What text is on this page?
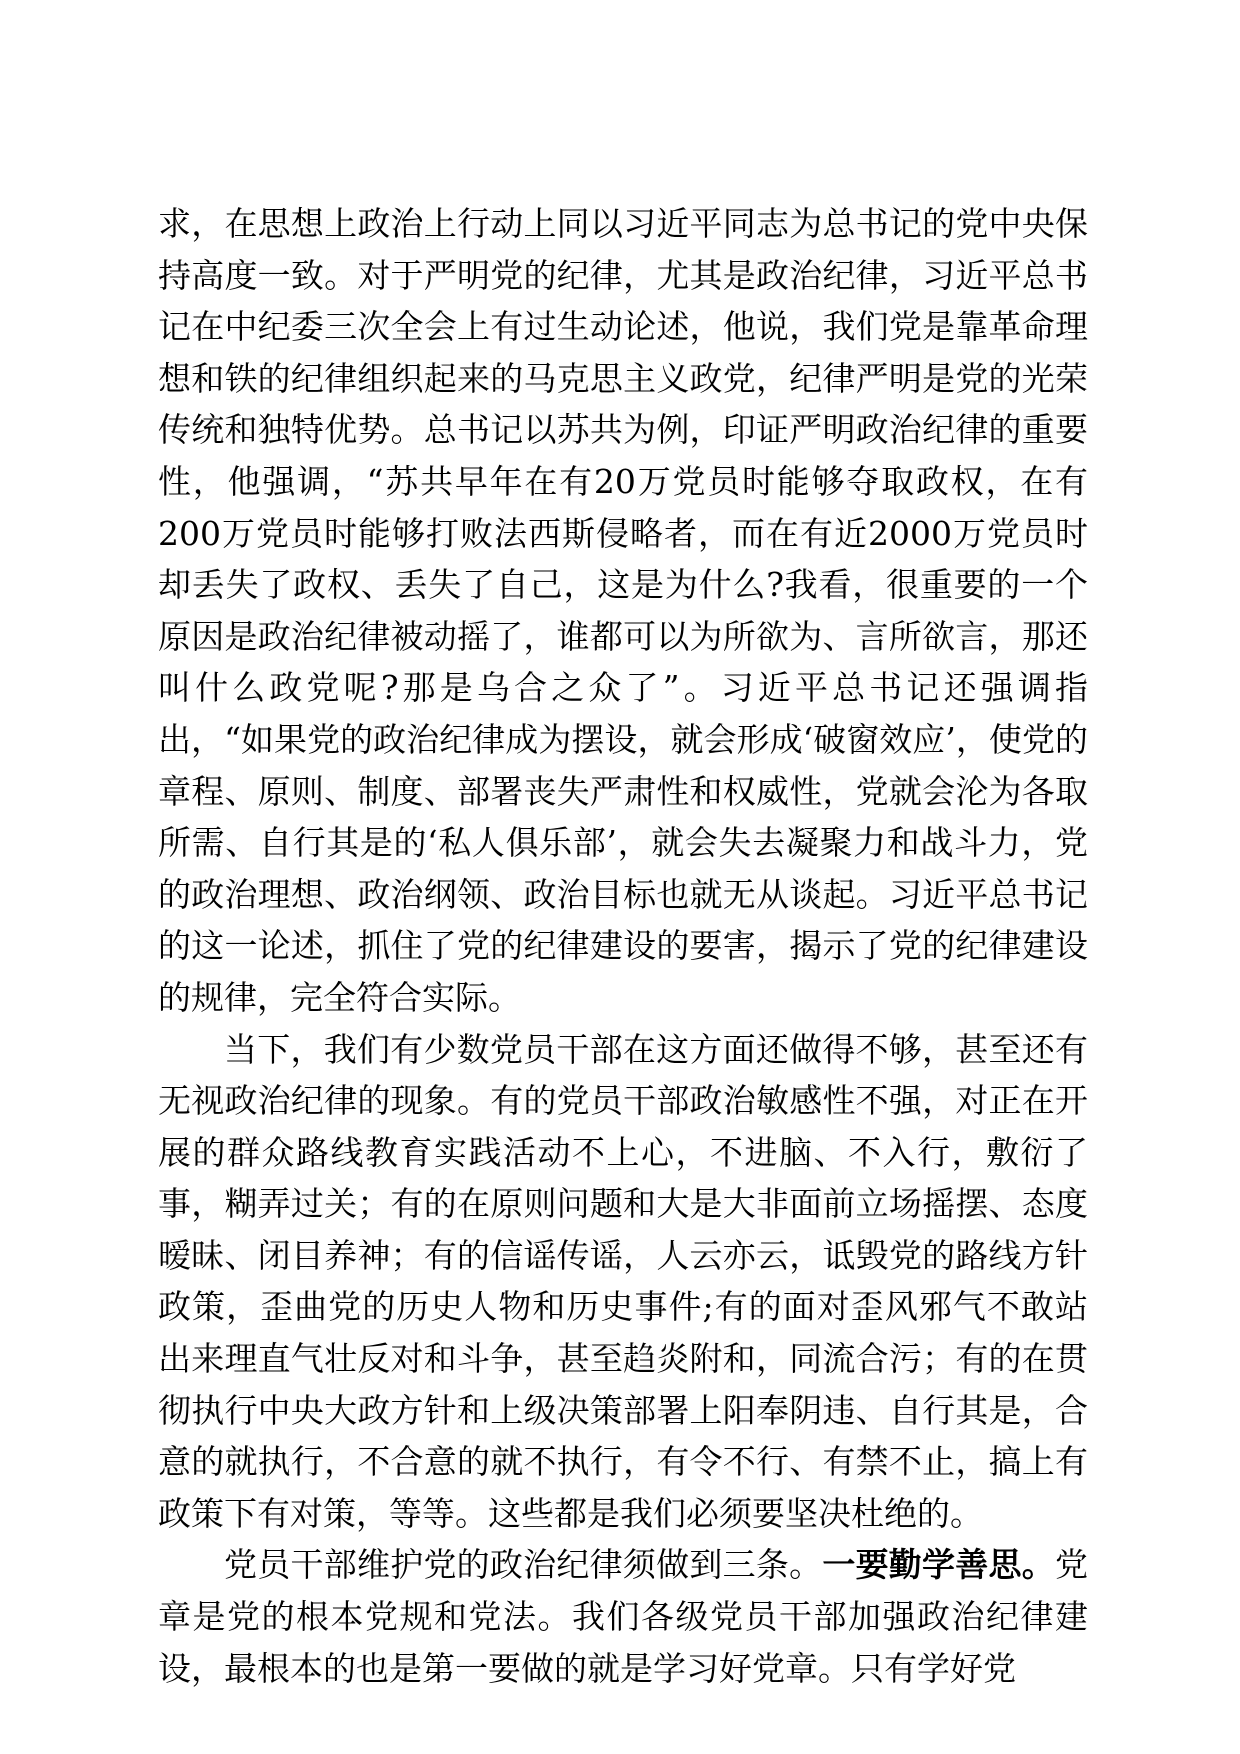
求，在思想上政治上行动上同以习近平同志为总书记的党中央保持高度一致。对于严明党的纪律，尤其是政治纪律，习近平总书记在中纪委三次全会上有过生动论述，他说，我们党是靠革命理想和铁的纪律组织起来的马克思主义政党，纪律严明是党的光荣传统和独特优势。总书记以苏共为例，印证严明政治纪律的重要性，他强调，“苏共早年在有20万党员时能够夺取政权，在有200万党员时能够打败法西斯侵略者，而在有近2000万党员时却丢失了政权、丢失了自己，这是为什么?我看，很重要的一个原因是政治纪律被动摇了，谁都可以为所欲为、言所欲言，那还叫什么政党呢?那是乌合之众了”。习近平总书记还强调指出，“如果党的政治纪律成为摆设，就会形成‘破窗效应’，使党的章程、原则、制度、部署丧失严肃性和权威性，党就会沦为各取所需、自行其是的‘私人俱乐部’，就会失去凝聚力和战斗力，党的政治理想、政治纲领、政治目标也就无从谈起。习近平总书记的这一论述，抓住了党的纪律建设的要害，揭示了党的纪律建设的规律，完全符合实际。

当下，我们有少数党员干部在这方面还做得不够，甚至还有无视政治纪律的现象。有的党员干部政治敏感性不强，对正在开展的群众路线教育实践活动不上心，不进脑、不入行，敷衍了事，糊弄过关；有的在原则问题和大是大非面前立场摇摆、态度暧昧、闭目养神；有的信谣传谣，人云亦云，诋毁党的路线方针政策，歪曲党的历史人物和历史事件;有的面对歪风邪气不敢站出来理直气壮反对和斗争，甚至趋炎附和，同流合污；有的在贯彻执行中央大政方针和上级决策部署上阳奉阴违、自行其是，合意的就执行，不合意的就不执行，有令不行、有禁不止，搞上有政策下有对策，等等。这些都是我们必须要坚决杜绝的。

党员干部维护党的政治纪律须做到三条。一要勤学善思。党章是党的根本党规和党法。我们各级党员干部加强政治纪律建设，最根本的也是第一要做的就是学习好党章。只有学好党
